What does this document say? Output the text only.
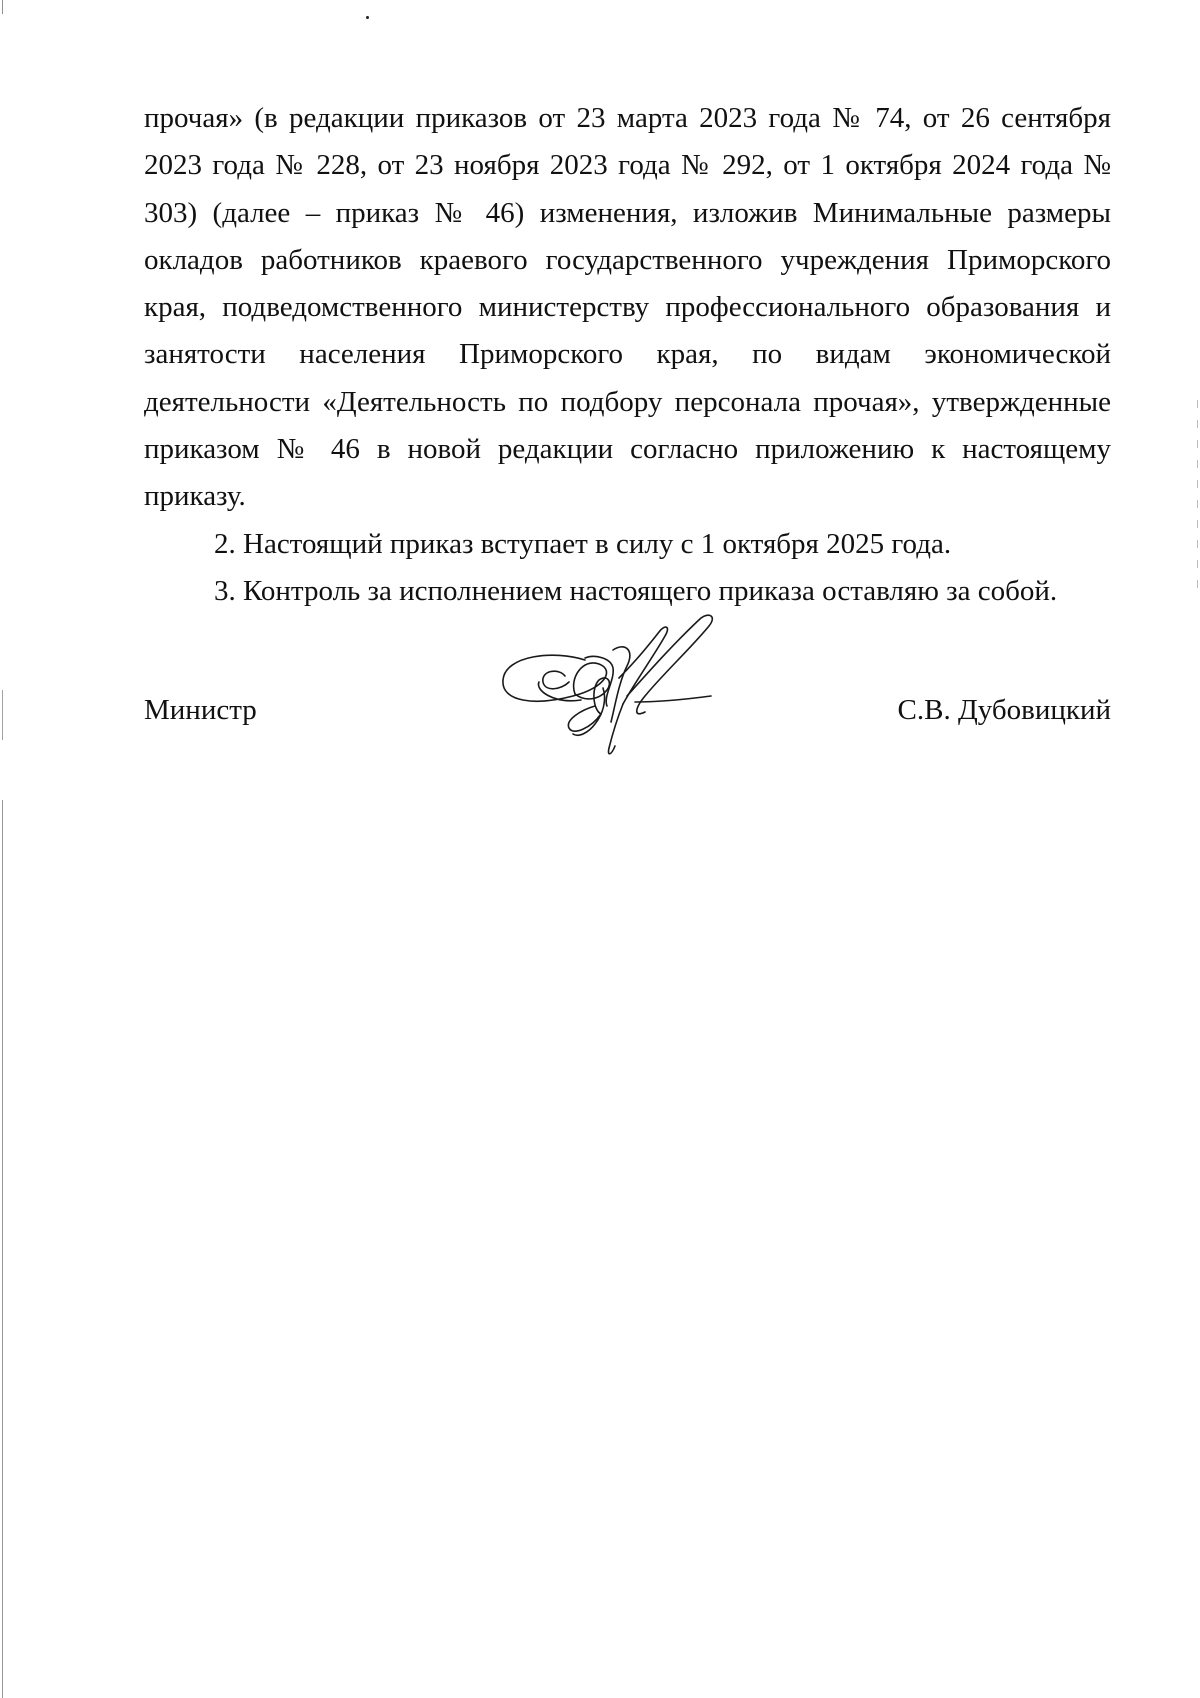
прочая» (в редакции приказов от 23 марта 2023 года № 74, от 26 сентября 2023 года № 228, от 23 ноября 2023 года № 292, от 1 октября 2024 года № 303) (далее – приказ № 46) изменения, изложив Минимальные размеры окладов работников краевого государственного учреждения Приморского края, подведомственного министерству профессионального образования и занятости населения Приморского края, по видам экономической деятельности «Деятельность по подбору персонала прочая», утвержденные приказом № 46 в новой редакции согласно приложению к настоящему приказу.

2. Настоящий приказ вступает в силу с 1 октября 2025 года.

3. Контроль за исполнением настоящего приказа оставляю за собой.

Министр	С.В. Дубовицкий
